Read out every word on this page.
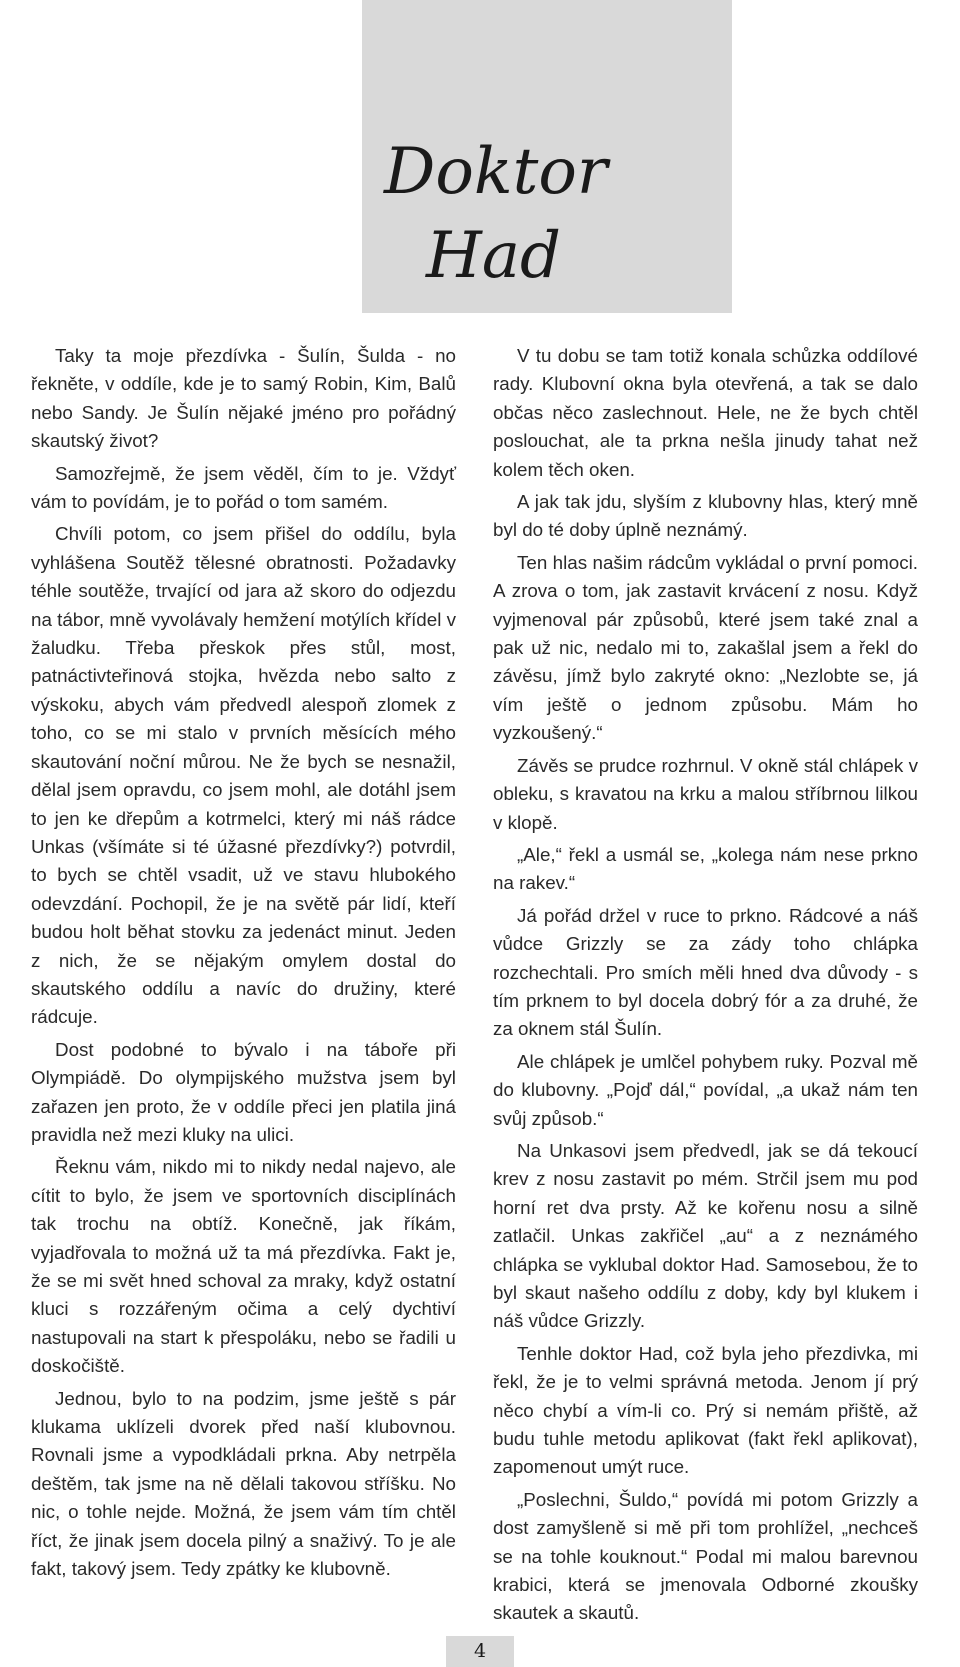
Doktor
Had

Taky ta moje přezdívka - Šulín, Šulda - no řekněte, v oddíle, kde je to samý Robin, Kim, Balů nebo Sandy. Je Šulín nějaké jméno pro pořádný skautský život?

Samozřejmě, že jsem věděl, čím to je. Vždyť vám to povídám, je to pořád o tom samém.

Chvíli potom, co jsem přišel do oddílu, byla vyhlášena Soutěž tělesné obratnosti. Požadavky téhle soutěže, trvající od jara až skoro do odjezdu na tábor, mně vyvolávaly hemžení motýlích křídel v žaludku. Třeba přeskok přes stůl, most, patnáctivteřinová stojka, hvězda nebo salto z výskoku, abych vám předvedl alespoň zlomek z toho, co se mi stalo v prvních měsících mého skautování noční můrou. Ne že bych se nesnažil, dělal jsem opravdu, co jsem mohl, ale dotáhl jsem to jen ke dřepům a kotrmelci, který mi náš rádce Unkas (všímáte si té úžasné přezdívky?) potvrdil, to bych se chtěl vsadit, už ve stavu hlubokého odevzdání. Pochopil, že je na světě pár lidí, kteří budou holt běhat stovku za jedenáct minut. Jeden z nich, že se nějakým omylem dostal do skautského oddílu a navíc do družiny, které rádcuje.

Dost podobné to bývalo i na táboře při Olympiádě. Do olympijského mužstva jsem byl zařazen jen proto, že v oddíle přeci jen platila jiná pravidla než mezi kluky na ulici.

Řeknu vám, nikdo mi to nikdy nedal najevo, ale cítit to bylo, že jsem ve sportovních disciplínách tak trochu na obtíž. Konečně, jak říkám, vyjadřovala to možná už ta má přezdívka. Fakt je, že se mi svět hned schoval za mraky, když ostatní kluci s rozzářeným očima a celý dychtiví nastupovali na start k přespoláku, nebo se řadili u doskočiště.

Jednou, bylo to na podzim, jsme ještě s pár klukama uklízeli dvorek před naší klubovnou. Rovnali jsme a vypodkládali prkna. Aby netrpěla deštěm, tak jsme na ně dělali takovou stříšku. No nic, o tohle nejde. Možná, že jsem vám tím chtěl říct, že jinak jsem docela pilný a snaživý. To je ale fakt, takový jsem. Tedy zpátky ke klubovně.

V tu dobu se tam totiž konala schůzka oddílové rady. Klubovní okna byla otevřená, a tak se dalo občas něco zaslechnout. Hele, ne že bych chtěl poslouchat, ale ta prkna nešla jinudy tahat než kolem těch oken.

A jak tak jdu, slyším z klubovny hlas, který mně byl do té doby úplně neznámý.

Ten hlas našim rádcům vykládal o první pomoci. A zrova o tom, jak zastavit krvácení z nosu. Když vyjmenoval pár způsobů, které jsem také znal a pak už nic, nedalo mi to, zakašlal jsem a řekl do závěsu, jímž bylo zakryté okno: „Nezlobte se, já vím ještě o jednom způsobu. Mám ho vyzkoušený.“

Závěs se prudce rozhrnul. V okně stál chlápek v obleku, s kravatou na krku a malou stříbrnou lilkou v klopě.

„Ale,“ řekl a usmál se, „kolega nám nese prkno na rakev.“

Já pořád držel v ruce to prkno. Rádcové a náš vůdce Grizzly se za zády toho chlápka rozchechtali. Pro smích měli hned dva důvody - s tím prknem to byl docela dobrý fór a za druhé, že za oknem stál Šulín.

Ale chlápek je umlčel pohybem ruky. Pozval mě do klubovny. „Pojď dál,“ povídal, „a ukaž nám ten svůj způsob.“

Na Unkasovi jsem předvedl, jak se dá tekoucí krev z nosu zastavit po mém. Strčil jsem mu pod horní ret dva prsty. Až ke kořenu nosu a silně zatlačil. Unkas zakřičel „au“ a z neznámého chlápka se vyklubal doktor Had. Samosebou, že to byl skaut našeho oddílu z doby, kdy byl klukem i náš vůdce Grizzly.

Tenhle doktor Had, což byla jeho přezdivka, mi řekl, že je to velmi správná metoda. Jenom jí prý něco chybí a vím-li co. Prý si nemám přiště, až budu tuhle metodu aplikovat (fakt řekl aplikovat), zapomenout umýt ruce.

„Poslechni, Šuldo,“ povídá mi potom Grizzly a dost zamyšleně si mě při tom prohlížel, „nechceš se na tohle kouknout.“ Podal mi malou barevnou krabici, která se jmenovala Odborné zkoušky skautek a skautů.

4
